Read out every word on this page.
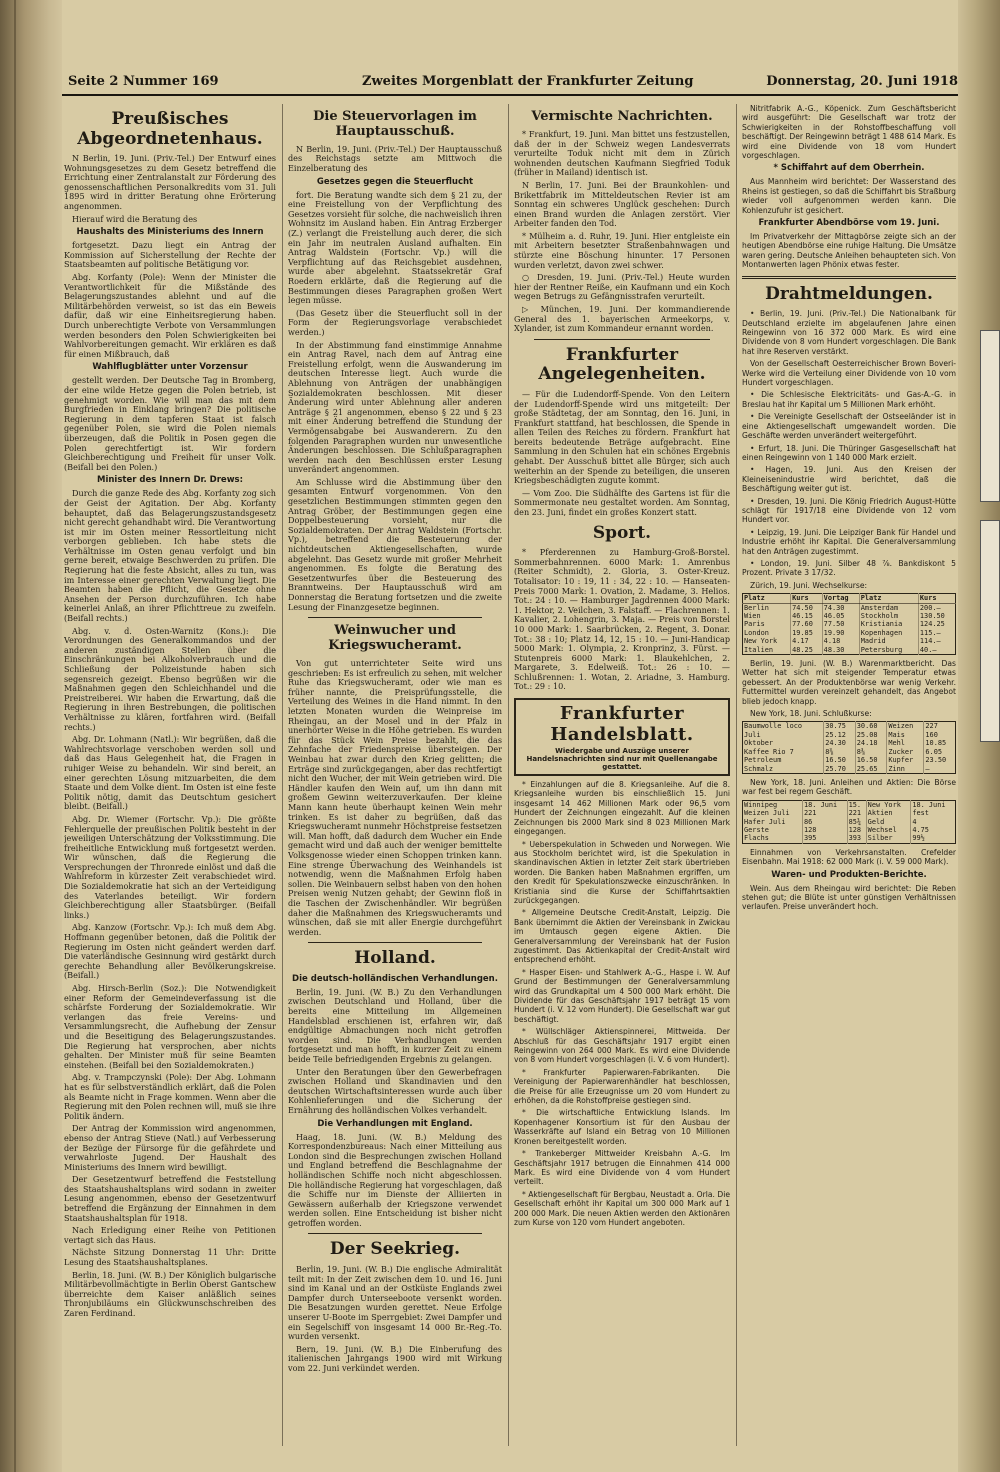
Seite 2 Nummer 169	Zweites Morgenblatt der Frankfurter Zeitung	Donnerstag, 20. Juni 1918
Preußisches Abgeordnetenhaus.

N Berlin, 19. Juni. (Priv.-Tel.) Der Entwurf eines Wohnungsgesetzes zu dem Gesetz betreffend die Errichtung einer Zentralanstalt zur Förderung des genossenschaftlichen Personalkredits vom 31. Juli 1895 wird in dritter Beratung ohne Erörterung angenommen.

Hierauf wird die Beratung des

Haushalts des Ministeriums des Innern

fortgesetzt. Dazu liegt ein Antrag der Kommission auf Sicherstellung der Rechte der Staatsbeamten auf politische Betätigung vor.

Abg. Korfanty (Pole): Wenn der Minister die Verantwortlichkeit für die Mißstände des Belagerungszustandes ablehnt und auf die Militärbehörden verweist, so ist das ein Beweis dafür, daß wir eine Einheitsregierung haben. Durch unberechtigte Verbote von Versammlungen werden besonders den Polen Schwierigkeiten bei Wahlvorbereitungen gemacht. Wir erklären es daß für einen Mißbrauch, daß

Wahlflugblätter unter Vorzensur

gestellt werden. Der Deutsche Tag in Bromberg, der eine wilde Hetze gegen die Polen betrieb, ist genehmigt worden. Wie will man das mit dem Burgfrieden in Einklang bringen? Die politische Regierung in dem tapferen Staat ist falsch gegenüber Polen, sie wird die Polen niemals überzeugen, daß die Politik in Posen gegen die Polen gerechtfertigt ist. Wir fordern Gleichberechtigung und Freiheit für unser Volk. (Beifall bei den Polen.)

Minister des Innern Dr. Drews:

Durch die ganze Rede des Abg. Korfanty zog sich der Geist der Agitation. Der Abg. Korfanty behauptet, daß das Belagerungszustandsgesetz nicht gerecht gehandhabt wird. Die Verantwortung ist mir im Osten meiner Ressortleitung nicht verborgen geblieben. Ich habe stets die Verhältnisse im Osten genau verfolgt und bin gerne bereit, etwaige Beschwerden zu prüfen. Die Regierung hat die feste Absicht, alles zu tun, was im Interesse einer gerechten Verwaltung liegt. Die Beamten haben die Pflicht, die Gesetze ohne Ansehen der Person durchzuführen. Ich habe keinerlei Anlaß, an ihrer Pflichttreue zu zweifeln. (Beifall rechts.)

Abg. v. d. Osten-Warnitz (Kons.): Die Verordnungen des Generalkommandos und der anderen zuständigen Stellen über die Einschränkungen bei Alkoholverbrauch und die Schließung der Polizeistunde haben sich segensreich gezeigt. Ebenso begrüßen wir die Maßnahmen gegen den Schleichhandel und die Preistreiberei. Wir haben die Erwartung, daß die Regierung in ihren Bestrebungen, die politischen Verhältnisse zu klären, fortfahren wird. (Beifall rechts.)

Abg. Dr. Lohmann (Natl.): Wir begrüßen, daß die Wahlrechtsvorlage verschoben werden soll und daß das Haus Gelegenheit hat, die Fragen in ruhiger Weise zu behandeln. Wir sind bereit, an einer gerechten Lösung mitzuarbeiten, die dem Staate und dem Volke dient. Im Osten ist eine feste Politik nötig, damit das Deutschtum gesichert bleibt. (Beifall.)

Abg. Dr. Wiemer (Fortschr. Vp.): Die größte Fehlerquelle der preußischen Politik besteht in der jeweiligen Unterschätzung der Volksstimmung. Die freiheitliche Entwicklung muß fortgesetzt werden. Wir wünschen, daß die Regierung die Versprechungen der Thronrede einlöst und daß die Wahlreform in kürzester Zeit verabschiedet wird. Die Sozialdemokratie hat sich an der Verteidigung des Vaterlandes beteiligt. Wir fordern Gleichberechtigung aller Staatsbürger. (Beifall links.)

Abg. Kanzow (Fortschr. Vp.): Ich muß dem Abg. Hoffmann gegenüber betonen, daß die Politik der Regierung im Osten nicht geändert werden darf. Die vaterländische Gesinnung wird gestärkt durch gerechte Behandlung aller Bevölkerungskreise. (Beifall.)

Abg. Hirsch-Berlin (Soz.): Die Notwendigkeit einer Reform der Gemeindeverfassung ist die schärfste Forderung der Sozialdemokratie. Wir verlangen das freie Vereins- und Versammlungsrecht, die Aufhebung der Zensur und die Beseitigung des Belagerungszustandes. Die Regierung hat versprochen, aber nichts gehalten. Der Minister muß für seine Beamten einstehen. (Beifall bei den Sozialdemokraten.)

Abg. v. Trampczynski (Pole): Der Abg. Lohmann hat es für selbstverständlich erklärt, daß die Polen als Beamte nicht in Frage kommen. Wenn aber die Regierung mit den Polen rechnen will, muß sie ihre Politik ändern.

Der Antrag der Kommission wird angenommen, ebenso der Antrag Stieve (Natl.) auf Verbesserung der Bezüge der Fürsorge für die gefährdete und verwahrloste Jugend. Der Haushalt des Ministeriums des Innern wird bewilligt.

Der Gesetzentwurf betreffend die Feststellung des Staatshaushaltsplans wird sodann in zweiter Lesung angenommen, ebenso der Gesetzentwurf betreffend die Ergänzung der Einnahmen in dem Staatshaushaltsplan für 1918.

Nach Erledigung einer Reihe von Petitionen vertagt sich das Haus.

Nächste Sitzung Donnerstag 11 Uhr: Dritte Lesung des Staatshaushaltsplanes.

Berlin, 18. Juni. (W. B.) Der Königlich bulgarische Militärbevollmächtigte in Berlin Oberst Gantschew überreichte dem Kaiser anläßlich seines Thronjubiläums ein Glückwunschschreiben des Zaren Ferdinand.

Die Steuervorlagen im Hauptausschuß.

N Berlin, 19. Juni. (Priv.-Tel.) Der Hauptausschuß des Reichstags setzte am Mittwoch die Einzelberatung des

Gesetzes gegen die Steuerflucht

fort. Die Beratung wandte sich dem § 21 zu, der eine Freistellung von der Verpflichtung des Gesetzes vorsieht für solche, die nachweislich ihren Wohnsitz im Ausland haben. Ein Antrag Erzberger (Z.) verlangt die Freistellung auch derer, die sich ein Jahr im neutralen Ausland aufhalten. Ein Antrag Waldstein (Fortschr. Vp.) will die Verpflichtung auf das Reichsgebiet ausdehnen, wurde aber abgelehnt. Staatssekretär Graf Roedern erklärte, daß die Regierung auf die Bestimmungen dieses Paragraphen großen Wert legen müsse.

(Das Gesetz über die Steuerflucht soll in der Form der Regierungsvorlage verabschiedet werden.)

In der Abstimmung fand einstimmige Annahme ein Antrag Ravel, nach dem auf Antrag eine Freistellung erfolgt, wenn die Auswanderung im deutschen Interesse liegt. Auch wurde die Ablehnung von Anträgen der unabhängigen Sozialdemokraten beschlossen. Mit dieser Änderung wird unter Ablehnung aller anderen Anträge § 21 angenommen, ebenso § 22 und § 23 mit einer Änderung betreffend die Stundung der Vermögensabgabe bei Auswanderern. Zu den folgenden Paragraphen wurden nur unwesentliche Änderungen beschlossen. Die Schlußparagraphen werden nach den Beschlüssen erster Lesung unverändert angenommen.

Am Schlusse wird die Abstimmung über den gesamten Entwurf vorgenommen. Von den gesetzlichen Bestimmungen stimmten gegen den Antrag Gröber, der Bestimmungen gegen eine Doppelbesteuerung vorsieht, nur die Sozialdemokraten. Der Antrag Waldstein (Fortschr. Vp.), betreffend die Besteuerung der nichtdeutschen Aktiengesellschaften, wurde abgelehnt. Das Gesetz wurde mit großer Mehrheit angenommen. Es folgte die Beratung des Gesetzentwurfes über die Besteuerung des Branntweins. Der Hauptausschuß wird am Donnerstag die Beratung fortsetzen und die zweite Lesung der Finanzgesetze beginnen.

Weinwucher und Kriegswucheramt.

Von gut unterrichteter Seite wird uns geschrieben: Es ist erfreulich zu sehen, mit welcher Ruhe das Kriegswucheramt, oder wie man es früher nannte, die Preisprüfungsstelle, die Verteilung des Weines in die Hand nimmt. In den letzten Monaten wurden die Weinpreise im Rheingau, an der Mosel und in der Pfalz in unerhörter Weise in die Höhe getrieben. Es wurden für das Stück Wein Preise bezahlt, die das Zehnfache der Friedenspreise übersteigen. Der Weinbau hat zwar durch den Krieg gelitten; die Erträge sind zurückgegangen, aber das rechtfertigt nicht den Wucher, der mit Wein getrieben wird. Die Händler kaufen den Wein auf, um ihn dann mit großem Gewinn weiterzuverkaufen. Der kleine Mann kann heute überhaupt keinen Wein mehr trinken. Es ist daher zu begrüßen, daß das Kriegswucheramt nunmehr Höchstpreise festsetzen will. Man hofft, daß dadurch dem Wucher ein Ende gemacht wird und daß auch der weniger bemittelte Volksgenosse wieder einen Schoppen trinken kann. Eine strenge Überwachung des Weinhandels ist notwendig, wenn die Maßnahmen Erfolg haben sollen. Die Weinbauern selbst haben von den hohen Preisen wenig Nutzen gehabt; der Gewinn floß in die Taschen der Zwischenhändler. Wir begrüßen daher die Maßnahmen des Kriegswucheramts und wünschen, daß sie mit aller Energie durchgeführt werden.

Holland.
Die deutsch-holländischen Verhandlungen.

Berlin, 19. Juni. (W. B.) Zu den Verhandlungen zwischen Deutschland und Holland, über die bereits eine Mitteilung im Allgemeinen Handelsblad erschienen ist, erfahren wir, daß endgültige Abmachungen noch nicht getroffen worden sind. Die Verhandlungen werden fortgesetzt und man hofft, in kurzer Zeit zu einem beide Teile befriedigenden Ergebnis zu gelangen.

Unter den Beratungen über den Gewerbefragen zwischen Holland und Skandinavien und den deutschen Wirtschaftsinteressen wurde auch über Kohlenlieferungen und die Sicherung der Ernährung des holländischen Volkes verhandelt.

Die Verhandlungen mit England.

Haag, 18. Juni. (W. B.) Meldung des Korrespondenzbureaus: Nach einer Mitteilung aus London sind die Besprechungen zwischen Holland und England betreffend die Beschlagnahme der holländischen Schiffe noch nicht abgeschlossen. Die holländische Regierung hat vorgeschlagen, daß die Schiffe nur im Dienste der Alliierten in Gewässern außerhalb der Kriegszone verwendet werden sollen. Eine Entscheidung ist bisher nicht getroffen worden.

Der Seekrieg.

Berlin, 19. Juni. (W. B.) Die englische Admiralität teilt mit: In der Zeit zwischen dem 10. und 16. Juni sind im Kanal und an der Ostküste Englands zwei Dampfer durch Unterseeboote versenkt worden. Die Besatzungen wurden gerettet. Neue Erfolge unserer U-Boote im Sperrgebiet: Zwei Dampfer und ein Segelschiff von insgesamt 14 000 Br.-Reg.-To. wurden versenkt.

Bern, 19. Juni. (W. B.) Die Einberufung des italienischen Jahrgangs 1900 wird mit Wirkung vom 22. Juni verkündet werden.

Vermischte Nachrichten.

* Frankfurt, 19. Juni. Man bittet uns festzustellen, daß der in der Schweiz wegen Landesverrats verurteilte Toduk nicht mit dem in Zürich wohnenden deutschen Kaufmann Siegfried Toduk (früher in Mailand) identisch ist.

N Berlin, 17. Juni. Bei der Braunkohlen- und Brikettfabrik im Mitteldeutschen Revier ist am Sonntag ein schweres Unglück geschehen: Durch einen Brand wurden die Anlagen zerstört. Vier Arbeiter fanden den Tod.

* Mülheim a. d. Ruhr, 19. Juni. Hier entgleiste ein mit Arbeitern besetzter Straßenbahnwagen und stürzte eine Böschung hinunter. 17 Personen wurden verletzt, davon zwei schwer.

○ Dresden, 19. Juni. (Priv.-Tel.) Heute wurden hier der Rentner Reiße, ein Kaufmann und ein Koch wegen Betrugs zu Gefängnisstrafen verurteilt.

▷ München, 19. Juni. Der kommandierende General des 1. bayerischen Armeekorps, v. Xylander, ist zum Kommandeur ernannt worden.

Frankfurter Angelegenheiten.

— Für die Ludendorff-Spende. Von den Leitern der Ludendorff-Spende wird uns mitgeteilt: Der große Städtetag, der am Sonntag, den 16. Juni, in Frankfurt stattfand, hat beschlossen, die Spende in allen Teilen des Reiches zu fördern. Frankfurt hat bereits bedeutende Beträge aufgebracht. Eine Sammlung in den Schulen hat ein schönes Ergebnis gehabt. Der Ausschuß bittet alle Bürger, sich auch weiterhin an der Spende zu beteiligen, die unseren Kriegsbeschädigten zugute kommt.

— Vom Zoo. Die Südhälfte des Gartens ist für die Sommermonate neu gestaltet worden. Am Sonntag, den 23. Juni, findet ein großes Konzert statt.

Sport.

* Pferderennen zu Hamburg-Groß-Borstel. Sommerbahnrennen. 6000 Mark: 1. Amrenbus (Reiter Schmidt), 2. Gloria, 3. Oster-Kreuz. Totalisator: 10 : 19, 11 : 34, 22 : 10. — Hanseaten-Preis 7000 Mark: 1. Ovation, 2. Madame, 3. Helios. Tot.: 24 : 10. — Hamburger Jagdrennen 4000 Mark: 1. Hektor, 2. Veilchen, 3. Falstaff. — Flachrennen: 1. Kavalier, 2. Lohengrin, 3. Maja. — Preis von Borstel 10 000 Mark: 1. Saarbrücken, 2. Regent, 3. Donar. Tot.: 38 : 10; Platz 14, 12, 15 : 10. — Juni-Handicap 5000 Mark: 1. Olympia, 2. Kronprinz, 3. Fürst. — Stutenpreis 6000 Mark: 1. Blaukehlchen, 2. Margarete, 3. Edelweiß. Tot.: 26 : 10. — Schlußrennen: 1. Wotan, 2. Ariadne, 3. Hamburg. Tot.: 29 : 10.

Frankfurter Handelsblatt.
Wiedergabe und Auszüge unserer Handelsnachrichten sind nur mit Quellenangabe gestattet.

* Einzahlungen auf die 8. Kriegsanleihe. Auf die 8. Kriegsanleihe wurden bis einschließlich 15. Juni insgesamt 14 462 Millionen Mark oder 96,5 vom Hundert der Zeichnungen eingezahlt. Auf die kleinen Zeichnungen bis 2000 Mark sind 8 023 Millionen Mark eingegangen.

* Ueberspekulation in Schweden und Norwegen. Wie aus Stockholm berichtet wird, ist die Spekulation in skandinavischen Aktien in letzter Zeit stark übertrieben worden. Die Banken haben Maßnahmen ergriffen, um den Kredit für Spekulationszwecke einzuschränken. In Kristiania sind die Kurse der Schiffahrtsaktien zurückgegangen.

* Allgemeine Deutsche Credit-Anstalt, Leipzig. Die Bank übernimmt die Aktien der Vereinsbank in Zwickau im Umtausch gegen eigene Aktien. Die Generalversammlung der Vereinsbank hat der Fusion zugestimmt. Das Aktienkapital der Credit-Anstalt wird entsprechend erhöht.

* Hasper Eisen- und Stahlwerk A.-G., Haspe i. W. Auf Grund der Bestimmungen der Generalversammlung wird das Grundkapital um 4 500 000 Mark erhöht. Die Dividende für das Geschäftsjahr 1917 beträgt 15 vom Hundert (i. V. 12 vom Hundert). Die Gesellschaft war gut beschäftigt.

* Wüllschläger Aktienspinnerei, Mittweida. Der Abschluß für das Geschäftsjahr 1917 ergibt einen Reingewinn von 264 000 Mark. Es wird eine Dividende von 8 vom Hundert vorgeschlagen (i. V. 6 vom Hundert).

* Frankfurter Papierwaren-Fabrikanten. Die Vereinigung der Papierwarenhändler hat beschlossen, die Preise für alle Erzeugnisse um 20 vom Hundert zu erhöhen, da die Rohstoffpreise gestiegen sind.

* Die wirtschaftliche Entwicklung Islands. Im Kopenhagener Konsortium ist für den Ausbau der Wasserkräfte auf Island ein Betrag von 10 Millionen Kronen bereitgestellt worden.

* Trankeberger Mittweider Kreisbahn A.-G. Im Geschäftsjahr 1917 betrugen die Einnahmen 414 000 Mark. Es wird eine Dividende von 4 vom Hundert verteilt.

* Aktiengesellschaft für Bergbau, Neustadt a. Orla. Die Gesellschaft erhöht ihr Kapital um 300 000 Mark auf 1 200 000 Mark. Die neuen Aktien werden den Aktionären zum Kurse von 120 vom Hundert angeboten.

Nitritfabrik A.-G., Köpenick. Zum Geschäftsbericht wird ausgeführt: Die Gesellschaft war trotz der Schwierigkeiten in der Rohstoffbeschaffung voll beschäftigt. Der Reingewinn beträgt 1 488 614 Mark. Es wird eine Dividende von 18 vom Hundert vorgeschlagen.

* Schiffahrt auf dem Oberrhein.

Aus Mannheim wird berichtet: Der Wasserstand des Rheins ist gestiegen, so daß die Schiffahrt bis Straßburg wieder voll aufgenommen werden kann. Die Kohlenzufuhr ist gesichert.

Frankfurter Abendbörse vom 19. Juni.

Im Privatverkehr der Mittagbörse zeigte sich an der heutigen Abendbörse eine ruhige Haltung. Die Umsätze waren gering. Deutsche Anleihen behaupteten sich. Von Montanwerten lagen Phönix etwas fester.

Drahtmeldungen.

• Berlin, 19. Juni. (Priv.-Tel.) Die Nationalbank für Deutschland erzielte im abgelaufenen Jahre einen Reingewinn von 16 372 000 Mark. Es wird eine Dividende von 8 vom Hundert vorgeschlagen. Die Bank hat ihre Reserven verstärkt.

Von der Gesellschaft Oesterreichischer Brown Boveri-Werke wird die Verteilung einer Dividende von 10 vom Hundert vorgeschlagen.

• Die Schlesische Elektricitäts- und Gas-A.-G. in Breslau hat ihr Kapital um 5 Millionen Mark erhöht.

• Die Vereinigte Gesellschaft der Ostseeländer ist in eine Aktiengesellschaft umgewandelt worden. Die Geschäfte werden unverändert weitergeführt.

• Erfurt, 18. Juni. Die Thüringer Gasgesellschaft hat einen Reingewinn von 1 140 000 Mark erzielt.

• Hagen, 19. Juni. Aus den Kreisen der Kleineisenindustrie wird berichtet, daß die Beschäftigung weiter gut ist.

• Dresden, 19. Juni. Die König Friedrich August-Hütte schlägt für 1917/18 eine Dividende von 12 vom Hundert vor.

• Leipzig, 19. Juni. Die Leipziger Bank für Handel und Industrie erhöht ihr Kapital. Die Generalversammlung hat den Anträgen zugestimmt.

• London, 19. Juni. Silber 48 ⅞. Bankdiskont 5 Prozent. Private 3 17/32.

Zürich, 19. Juni. Wechselkurse:

Platz	Kurs	Vortag	Platz	Kurs
Berlin	74.50	74.30	Amsterdam	200.—
Wien	46.15	46.05	Stockholm	130.50
Paris	77.60	77.50	Kristiania	124.25
London	19.85	19.90	Kopenhagen	115.—
New York	4.17	4.18	Madrid	114.—
Italien	48.25	48.30	Petersburg	40.—

Berlin, 19. Juni. (W. B.) Warenmarktbericht. Das Wetter hat sich mit steigender Temperatur etwas gebessert. An der Produktenbörse war wenig Verkehr. Futtermittel wurden vereinzelt gehandelt, das Angebot blieb jedoch knapp.

New York, 18. Juni. Schlußkurse:

Baumwolle loco	30.75	30.60	Weizen	227
Juli	25.12	25.08	Mais	160
Oktober	24.30	24.18	Mehl	10.85
Kaffee Rio 7	8⅜	8⅜	Zucker	6.05
Petroleum	16.50	16.50	Kupfer	23.50
Schmalz	25.70	25.65	Zinn	—

New York, 18. Juni. Anleihen und Aktien: Die Börse war fest bei regem Geschäft.

Winnipeg	18. Juni	15.	New York	18. Juni
Weizen Juli	221	221	Aktien	fest
Hafer Juli	86	85¾	Geld	4
Gerste	128	128	Wechsel	4.75
Flachs	395	393	Silber	99½

Einnahmen von Verkehrsanstalten. Crefelder Eisenbahn. Mai 1918: 62 000 Mark (i. V. 59 000 Mark).

Waren- und Produkten-Berichte.

Wein. Aus dem Rheingau wird berichtet: Die Reben stehen gut; die Blüte ist unter günstigen Verhältnissen verlaufen. Preise unverändert hoch.
